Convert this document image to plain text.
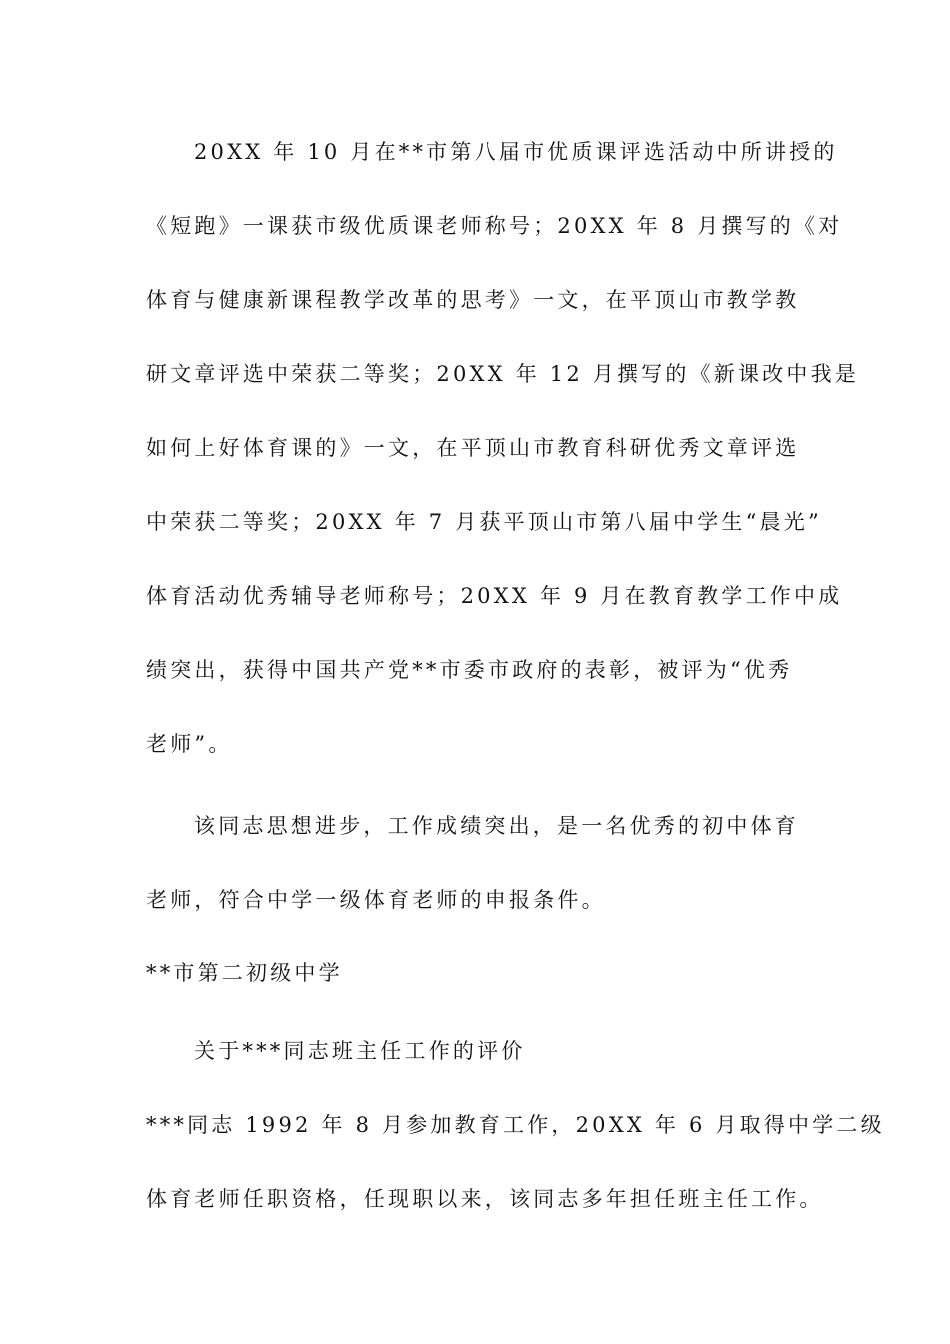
20XX 年 10 月在**市第八届市优质课评选活动中所讲授的
《短跑》一课获市级优质课老师称号；20XX 年 8 月撰写的《对
体育与健康新课程教学改革的思考》一文，在平顶山市教学教
研文章评选中荣获二等奖；20XX 年 12 月撰写的《新课改中我是
如何上好体育课的》一文，在平顶山市教育科研优秀文章评选
中荣获二等奖；20XX 年 7 月获平顶山市第八届中学生“晨光”
体育活动优秀辅导老师称号；20XX 年 9 月在教育教学工作中成
绩突出，获得中国共产党**市委市政府的表彰，被评为“优秀
老师”。
该同志思想进步，工作成绩突出，是一名优秀的初中体育
老师，符合中学一级体育老师的申报条件。
**市第二初级中学
关于***同志班主任工作的评价
***同志 1992 年 8 月参加教育工作，20XX 年 6 月取得中学二级
体育老师任职资格，任现职以来，该同志多年担任班主任工作。
